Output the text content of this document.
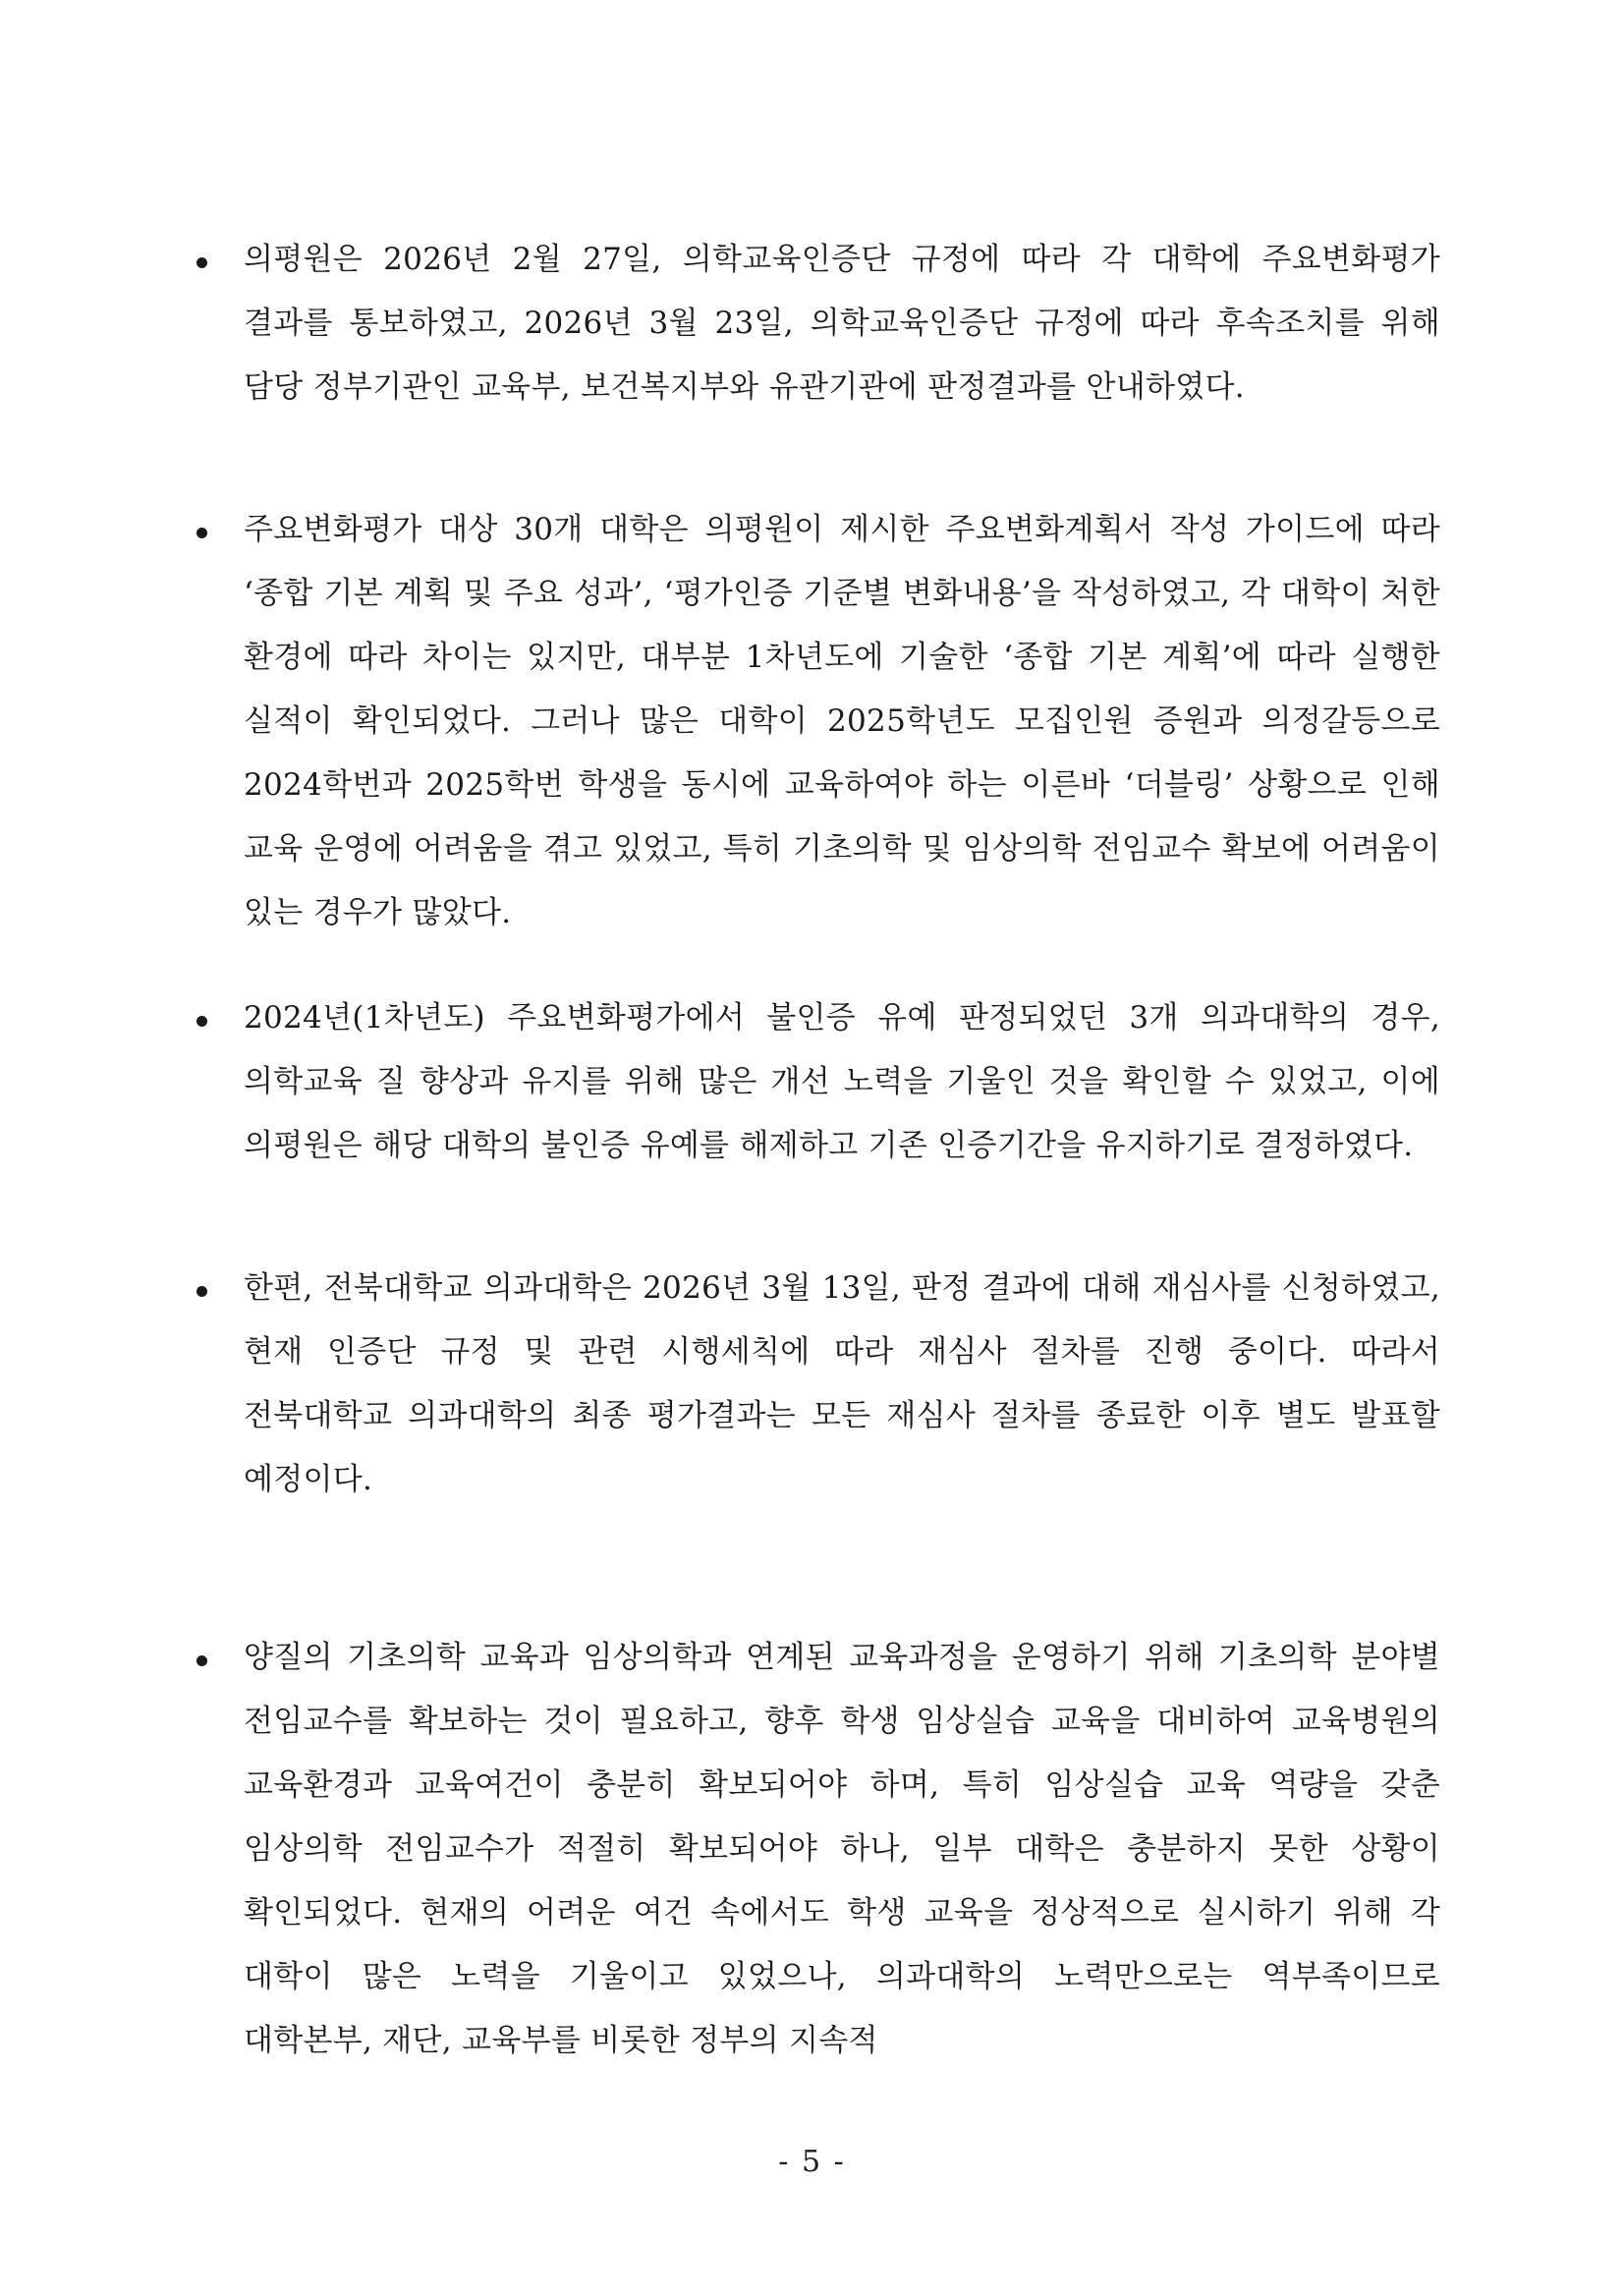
의평원은 2026년 2월 27일, 의학교육인증단 규정에 따라 각 대학에 주요변화평가 결과를 통보하였고, 2026년 3월 23일, 의학교육인증단 규정에 따라 후속조치를 위해 담당 정부기관인 교육부, 보건복지부와 유관기관에 판정결과를 안내하였다.
주요변화평가 대상 30개 대학은 의평원이 제시한 주요변화계획서 작성 가이드에 따라 ‘종합 기본 계획 및 주요 성과’, ‘평가인증 기준별 변화내용’을 작성하였고, 각 대학이 처한 환경에 따라 차이는 있지만, 대부분 1차년도에 기술한 ‘종합 기본 계획’에 따라 실행한 실적이 확인되었다. 그러나 많은 대학이 2025학년도 모집인원 증원과 의정갈등으로 2024학번과 2025학번 학생을 동시에 교육하여야 하는 이른바 ‘더블링’ 상황으로 인해 교육 운영에 어려움을 겪고 있었고, 특히 기초의학 및 임상의학 전임교수 확보에 어려움이 있는 경우가 많았다.
2024년(1차년도) 주요변화평가에서 불인증 유예 판정되었던 3개 의과대학의 경우, 의학교육 질 향상과 유지를 위해 많은 개선 노력을 기울인 것을 확인할 수 있었고, 이에 의평원은 해당 대학의 불인증 유예를 해제하고 기존 인증기간을 유지하기로 결정하였다.
한편, 전북대학교 의과대학은 2026년 3월 13일, 판정 결과에 대해 재심사를 신청하였고, 현재 인증단 규정 및 관련 시행세칙에 따라 재심사 절차를 진행 중이다. 따라서 전북대학교 의과대학의 최종 평가결과는 모든 재심사 절차를 종료한 이후 별도 발표할 예정이다.
양질의 기초의학 교육과 임상의학과 연계된 교육과정을 운영하기 위해 기초의학 분야별 전임교수를 확보하는 것이 필요하고, 향후 학생 임상실습 교육을 대비하여 교육병원의 교육환경과 교육여건이 충분히 확보되어야 하며, 특히 임상실습 교육 역량을 갖춘 임상의학 전임교수가 적절히 확보되어야 하나, 일부 대학은 충분하지 못한 상황이 확인되었다. 현재의 어려운 여건 속에서도 학생 교육을 정상적으로 실시하기 위해 각 대학이 많은 노력을 기울이고 있었으나, 의과대학의 노력만으로는 역부족이므로 대학본부, 재단, 교육부를 비롯한 정부의 지속적
- 5 -
